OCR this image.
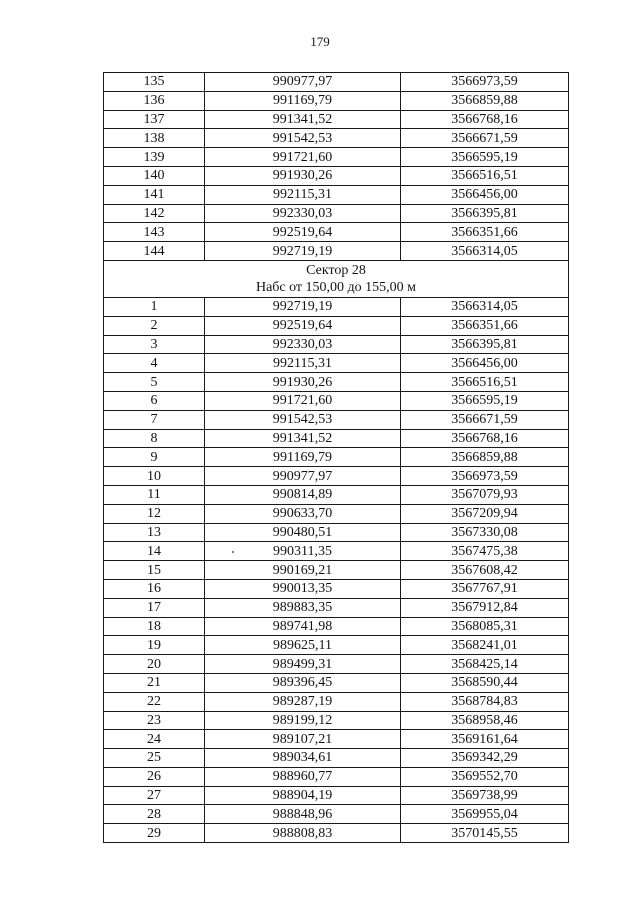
179
135	990977,97	3566973,59
136	991169,79	3566859,88
137	991341,52	3566768,16
138	991542,53	3566671,59
139	991721,60	3566595,19
140	991930,26	3566516,51
141	992115,31	3566456,00
142	992330,03	3566395,81
143	992519,64	3566351,66
144	992719,19	3566314,05

Сектор 28
Набс от 150,00 до 155,00 м		

1	992719,19	3566314,05
2	992519,64	3566351,66
3	992330,03	3566395,81
4	992115,31	3566456,00
5	991930,26	3566516,51
6	991721,60	3566595,19
7	991542,53	3566671,59
8	991341,52	3566768,16
9	991169,79	3566859,88
10	990977,97	3566973,59
11	990814,89	3567079,93
12	990633,70	3567209,94
13	990480,51	3567330,08
14	990311,35	3567475,38
15	990169,21	3567608,42
16	990013,35	3567767,91
17	989883,35	3567912,84
18	989741,98	3568085,31
19	989625,11	3568241,01
20	989499,31	3568425,14
21	989396,45	3568590,44
22	989287,19	3568784,83
23	989199,12	3568958,46
24	989107,21	3569161,64
25	989034,61	3569342,29
26	988960,77	3569552,70
27	988904,19	3569738,99
28	988848,96	3569955,04
29	988808,83	3570145,55
